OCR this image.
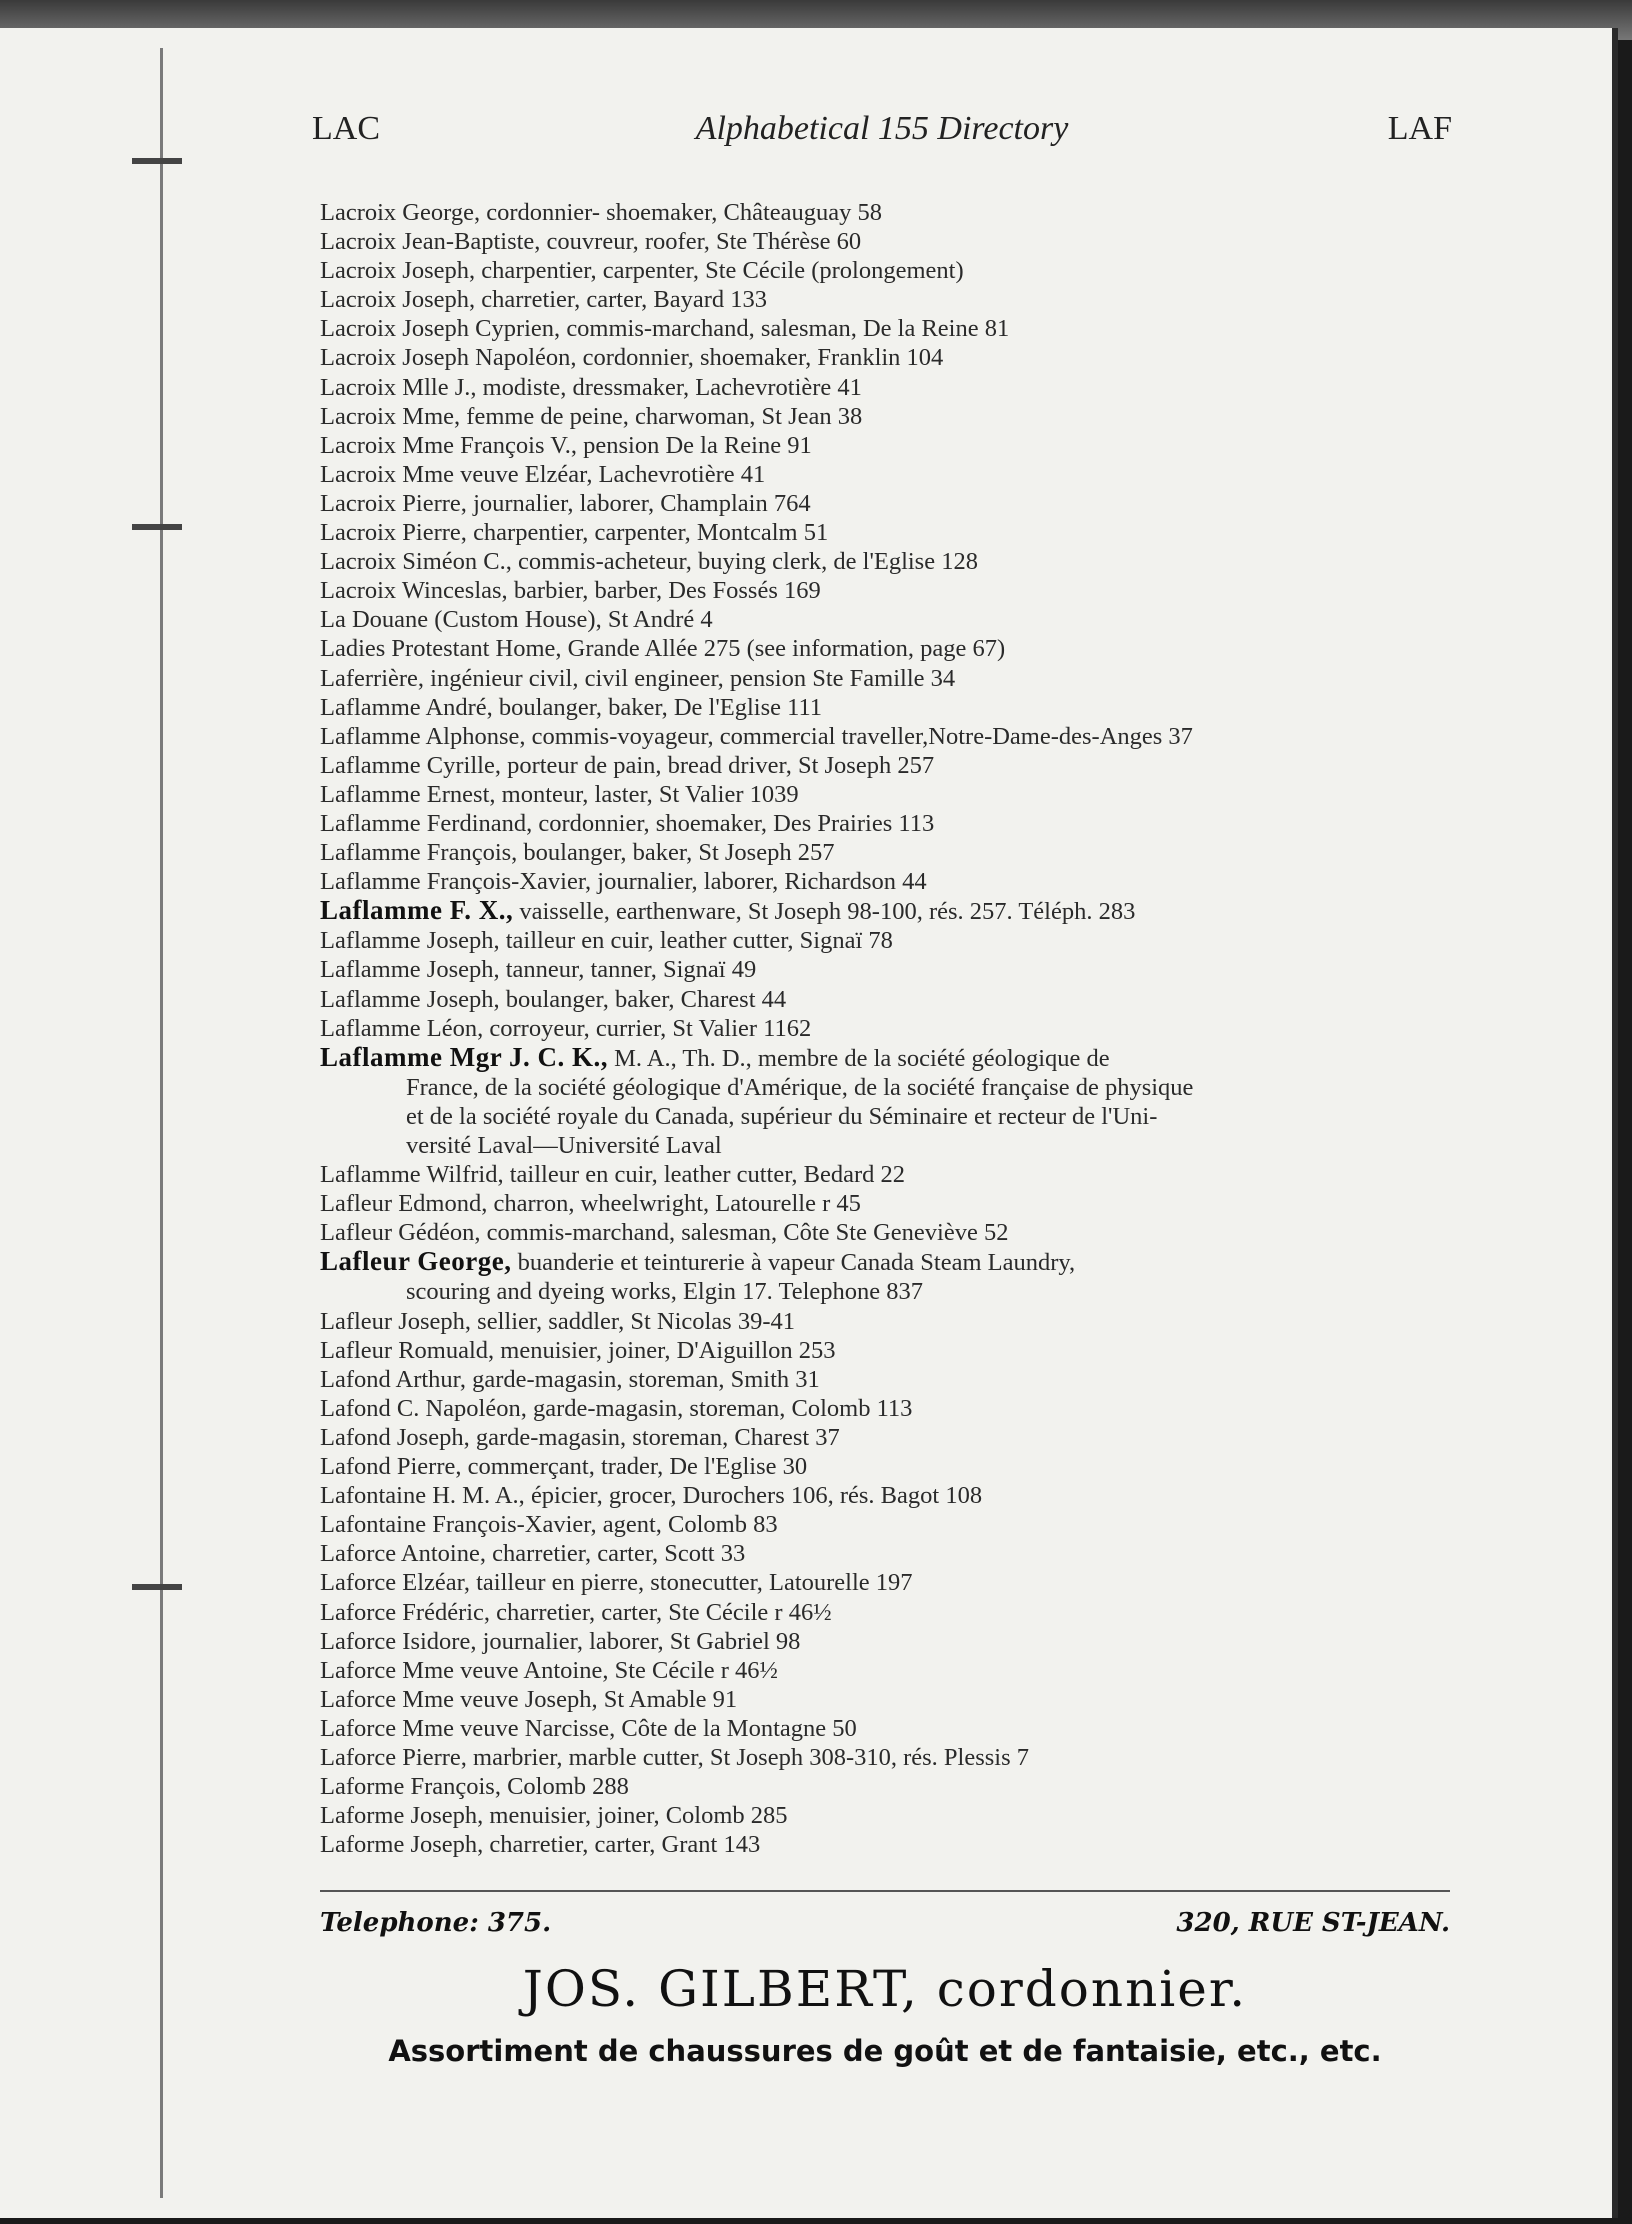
LAC	Alphabetical 155 Directory	LAF
Lacroix George, cordonnier- shoemaker, Châteauguay 58
Lacroix Jean-Baptiste, couvreur, roofer, Ste Thérèse 60
Lacroix Joseph, charpentier, carpenter, Ste Cécile (prolongement)
Lacroix Joseph, charretier, carter, Bayard 133
Lacroix Joseph Cyprien, commis-marchand, salesman, De la Reine 81
Lacroix Joseph Napoléon, cordonnier, shoemaker, Franklin 104
Lacroix Mlle J., modiste, dressmaker, Lachevrotière 41
Lacroix Mme, femme de peine, charwoman, St Jean 38
Lacroix Mme François V., pension De la Reine 91
Lacroix Mme veuve Elzéar, Lachevrotière 41
Lacroix Pierre, journalier, laborer, Champlain 764
Lacroix Pierre, charpentier, carpenter, Montcalm 51
Lacroix Siméon C., commis-acheteur, buying clerk, de l'Eglise 128
Lacroix Winceslas, barbier, barber, Des Fossés 169
La Douane (Custom House), St André 4
Ladies Protestant Home, Grande Allée 275 (see information, page 67)
Laferrière, ingénieur civil, civil engineer, pension Ste Famille 34
Laflamme André, boulanger, baker, De l'Eglise 111
Laflamme Alphonse, commis-voyageur, commercial traveller,Notre-Dame-des-Anges 37
Laflamme Cyrille, porteur de pain, bread driver, St Joseph 257
Laflamme Ernest, monteur, laster, St Valier 1039
Laflamme Ferdinand, cordonnier, shoemaker, Des Prairies 113
Laflamme François, boulanger, baker, St Joseph 257
Laflamme François-Xavier, journalier, laborer, Richardson 44
Laflamme F. X., vaisselle, earthenware, St Joseph 98-100, rés. 257. Téléph. 283
Laflamme Joseph, tailleur en cuir, leather cutter, Signaï 78
Laflamme Joseph, tanneur, tanner, Signaï 49
Laflamme Joseph, boulanger, baker, Charest 44
Laflamme Léon, corroyeur, currier, St Valier 1162
Laflamme Mgr J. C. K., M. A., Th. D., membre de la société géologique de
France, de la société géologique d'Amérique, de la société française de physique
et de la société royale du Canada, supérieur du Séminaire et recteur de l'Uni-
versité Laval—Université Laval
Laflamme Wilfrid, tailleur en cuir, leather cutter, Bedard 22
Lafleur Edmond, charron, wheelwright, Latourelle r 45
Lafleur Gédéon, commis-marchand, salesman, Côte Ste Geneviève 52
Lafleur George, buanderie et teinturerie à vapeur Canada Steam Laundry,
scouring and dyeing works, Elgin 17. Telephone 837
Lafleur Joseph, sellier, saddler, St Nicolas 39-41
Lafleur Romuald, menuisier, joiner, D'Aiguillon 253
Lafond Arthur, garde-magasin, storeman, Smith 31
Lafond C. Napoléon, garde-magasin, storeman, Colomb 113
Lafond Joseph, garde-magasin, storeman, Charest 37
Lafond Pierre, commerçant, trader, De l'Eglise 30
Lafontaine H. M. A., épicier, grocer, Durochers 106, rés. Bagot 108
Lafontaine François-Xavier, agent, Colomb 83
Laforce Antoine, charretier, carter, Scott 33
Laforce Elzéar, tailleur en pierre, stonecutter, Latourelle 197
Laforce Frédéric, charretier, carter, Ste Cécile r 46½
Laforce Isidore, journalier, laborer, St Gabriel 98
Laforce Mme veuve Antoine, Ste Cécile r 46½
Laforce Mme veuve Joseph, St Amable 91
Laforce Mme veuve Narcisse, Côte de la Montagne 50
Laforce Pierre, marbrier, marble cutter, St Joseph 308-310, rés. Plessis 7
Laforme François, Colomb 288
Laforme Joseph, menuisier, joiner, Colomb 285
Laforme Joseph, charretier, carter, Grant 143
Telephone: 375.	320, RUE ST-JEAN.
JOS. GILBERT, cordonnier.
Assortiment de chaussures de goût et de fantaisie, etc., etc.
